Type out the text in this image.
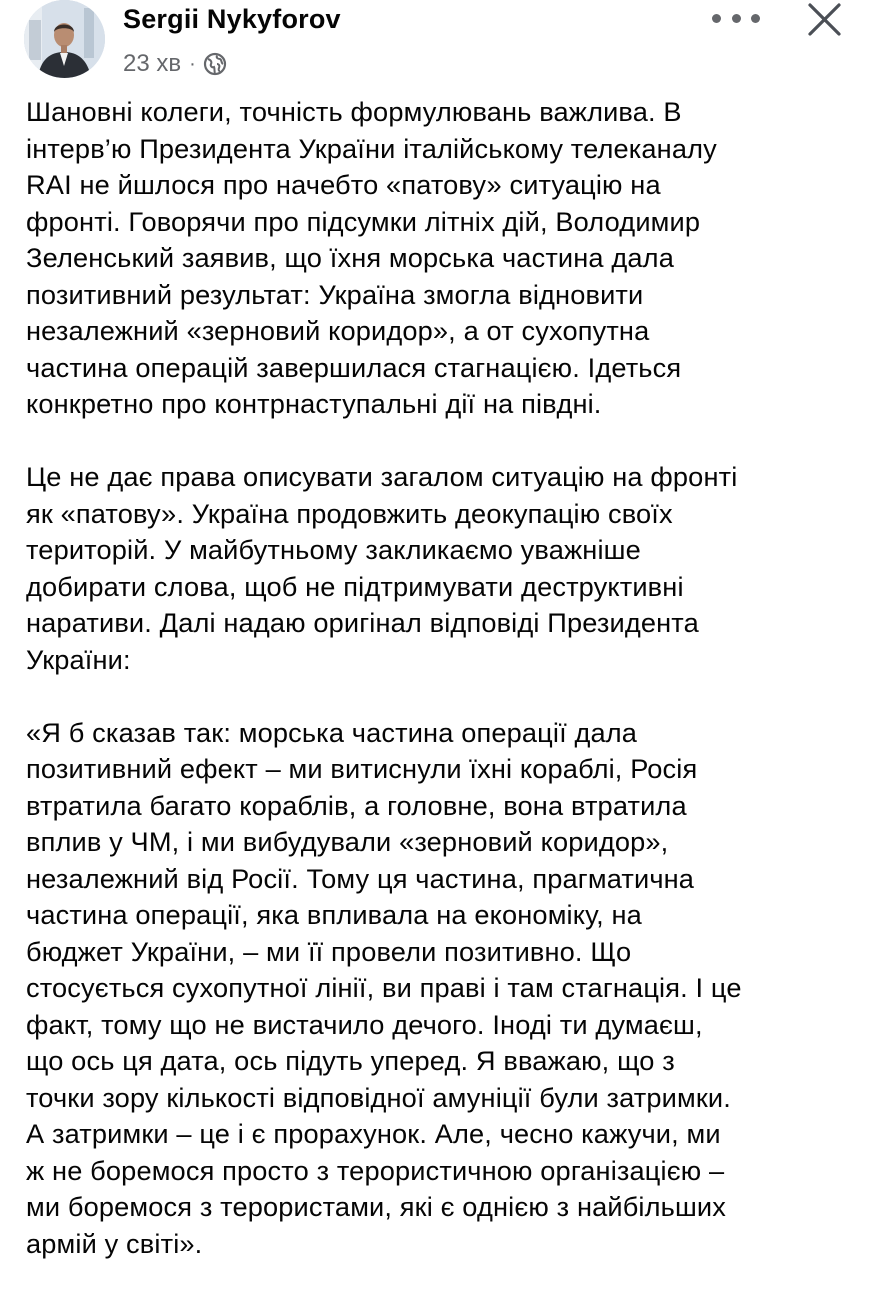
Sergii Nykyforov
23 хв ·

Шановні колеги, точність формулювань важлива. В
інтерв’ю Президента України італійському телеканалу
RAI не йшлося про начебто «патову» ситуацію на
фронті. Говорячи про підсумки літніх дій, Володимир
Зеленський заявив, що їхня морська частина дала
позитивний результат: Україна змогла відновити
незалежний «зерновий коридор», а от сухопутна
частина операцій завершилася стагнацією. Ідеться
конкретно про контрнаступальні дії на півдні.

Це не дає права описувати загалом ситуацію на фронті
як «патову». Україна продовжить деокупацію своїх
територій. У майбутньому закликаємо уважніше
добирати слова, щоб не підтримувати деструктивні
наративи. Далі надаю оригінал відповіді Президента
України:

«Я б сказав так: морська частина операції дала
позитивний ефект – ми витиснули їхні кораблі, Росія
втратила багато кораблів, а головне, вона втратила
вплив у ЧМ, і ми вибудували «зерновий коридор»,
незалежний від Росії. Тому ця частина, прагматична
частина операції, яка впливала на економіку, на
бюджет України, – ми її провели позитивно. Що
стосується сухопутної лінії, ви праві і там стагнація. І це
факт, тому що не вистачило дечого. Іноді ти думаєш,
що ось ця дата, ось підуть уперед. Я вважаю, що з
точки зору кількості відповідної амуніції були затримки.
А затримки – це і є прорахунок. Але, чесно кажучи, ми
ж не боремося просто з терористичною організацією –
ми боремося з терористами, які є однією з найбільших
армій у світі».
